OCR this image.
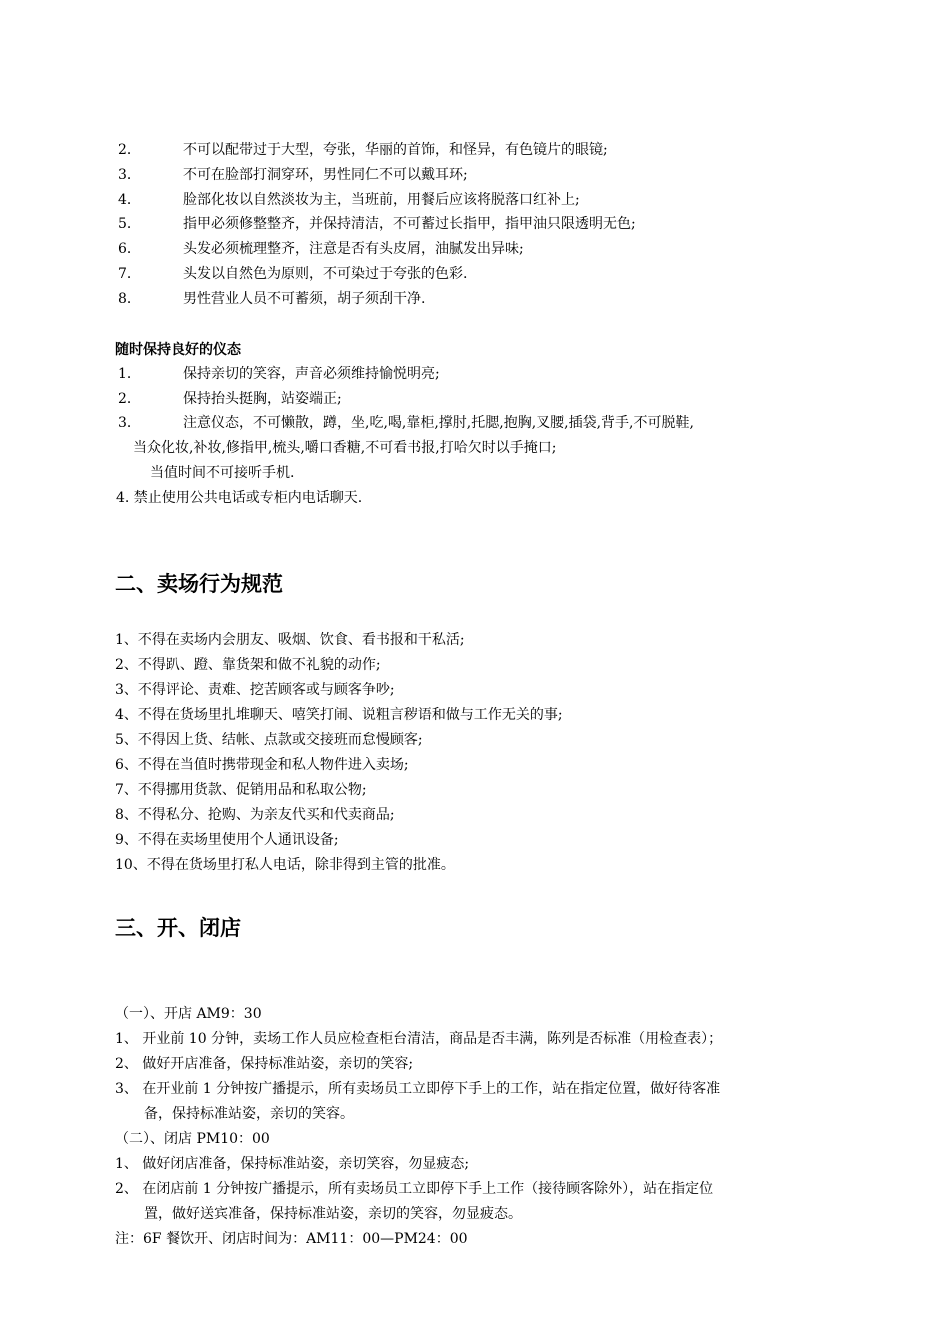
2．	不可以配带过于大型，夸张，华丽的首饰，和怪异，有色镜片的眼镜;
3．	不可在脸部打洞穿环，男性同仁不可以戴耳环;
4．	脸部化妆以自然淡妆为主，当班前，用餐后应该将脱落口红补上;
5．	指甲必须修整整齐，并保持清洁，不可蓄过长指甲，指甲油只限透明无色;
6．	头发必须梳理整齐，注意是否有头皮屑，油腻发出异味;
7．	头发以自然色为原则，不可染过于夸张的色彩.
8．	男性营业人员不可蓄须，胡子须刮干净.
随时保持良好的仪态
1．	保持亲切的笑容，声音必须维持愉悦明亮;
2．	保持抬头挺胸，站姿端正;
3．	注意仪态，不可懒散，蹲，坐,吃,喝,靠柜,撑肘,托腮,抱胸,叉腰,插袋,背手,不可脱鞋,
当众化妆,补妆,修指甲,梳头,嚼口香糖,不可看书报,打哈欠时以手掩口;
当值时间不可接听手机.
4. 禁止使用公共电话或专柜内电话聊天.
二、卖场行为规范
1、不得在卖场内会朋友、吸烟、饮食、看书报和干私活;
2、不得趴、蹬、靠货架和做不礼貌的动作;
3、不得评论、责难、挖苦顾客或与顾客争吵;
4、不得在货场里扎堆聊天、嘻笑打闹、说粗言秽语和做与工作无关的事;
5、不得因上货、结帐、点款或交接班而怠慢顾客;
6、不得在当值时携带现金和私人物件进入卖场;
7、不得挪用货款、促销用品和私取公物;
8、不得私分、抢购、为亲友代买和代卖商品;
9、不得在卖场里使用个人通讯设备;
10、不得在货场里打私人电话，除非得到主管的批准。
三、开、闭店
（一）、开店 AM9：30
1、 开业前 10 分钟，卖场工作人员应检查柜台清洁，商品是否丰满，陈列是否标准（用检查表）；
2、 做好开店准备，保持标准站姿，亲切的笑容;
3、 在开业前 1 分钟按广播提示，所有卖场员工立即停下手上的工作，站在指定位置，做好待客准
备，保持标准站姿，亲切的笑容。
（二）、闭店 PM10：00
1、 做好闭店准备，保持标准站姿，亲切笑容，勿显疲态;
2、 在闭店前 1 分钟按广播提示，所有卖场员工立即停下手上工作（接待顾客除外），站在指定位
置，做好送宾准备，保持标准站姿，亲切的笑容，勿显疲态。
注：6F 餐饮开、闭店时间为：AM11：00—PM24：00
